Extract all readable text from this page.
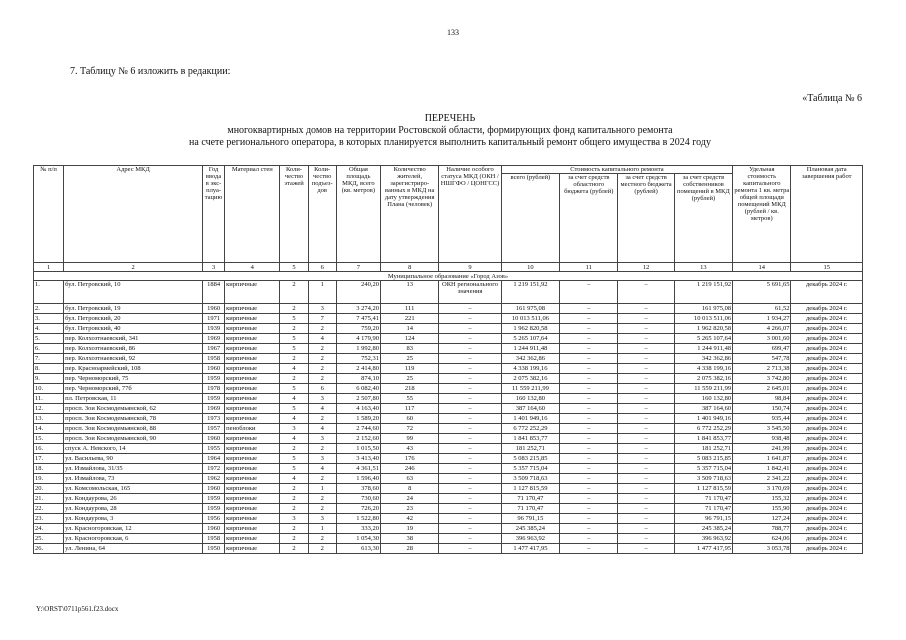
133
7. Таблицу № 6 изложить в редакции:
«Таблица № 6
ПЕРЕЧЕНЬ
многоквартирных домов на территории Ростовской области, формирующих фонд капитального ремонта
на счете регионального оператора, в которых планируется выполнить капитальный ремонт общего имущества в 2024 году
№ п/п	Адрес МКД	Год ввода в экс-плуа-тацию	Материал стен	Коли-чество этажей	Коли-чество подъез-дов	Общая площадь МКД, всего (кв. метров)	Количество жителей, зарегистриро-ванных в МКД на дату утверждения Плана (человек)	Наличие особого статуса МКД (ОКН / НШГФО / ЦОНГСС)	Стоимость капитального ремонта				Удельная стоимость капитального ремонта 1 кв. метра общей площади помещений МКД (рублей / кв. метров)	Плановая дата завершения работ
									всего (рублей)	за счет средств областного бюджета (рублей)	за счет средств местного бюджета (рублей)	за счет средств собственников помещений в МКД (рублей)		
1	2	3	4	5	6	7	8	9	10	11	12	13	14	15
Муниципальное образование «Город Азов»														
1.	бул. Петровский, 10	1884	кирпичные	2	1	240,20	13	ОКН регионального значения	1 219 151,92	–	–	1 219 151,92	5 691,65	декабрь 2024 г.
2.	бул. Петровский, 19	1960	кирпичные	2	3	3 274,20	111	–	161 975,08	–	–	161 975,08	61,52	декабрь 2024 г.
3.	бул. Петровский, 20	1971	кирпичные	5	7	7 475,41	221	–	10 013 511,06	–	–	10 013 511,06	1 934,27	декабрь 2024 г.
4.	бул. Петровский, 40	1939	кирпичные	2	2	759,20	14	–	1 962 820,58	–	–	1 962 820,58	4 266,07	декабрь 2024 г.
5.	пер. Колхозтнаевский, 341	1969	кирпичные	5	4	4 179,90	124	–	5 265 107,64	–	–	5 265 107,64	3 001,60	декабрь 2024 г.
6.	пер. Колхозтнаевский, 86	1967	кирпичные	5	2	1 992,80	83	–	1 244 911,48	–	–	1 244 911,48	699,47	декабрь 2024 г.
7.	пер. Колхозтнаевский, 92	1958	кирпичные	2	2	752,31	25	–	342 362,86	–	–	342 362,86	547,78	декабрь 2024 г.
8.	пер. Красноармейский, 108	1960	кирпичные	4	2	2 414,80	119	–	4 338 199,16	–	–	4 338 199,16	2 713,38	декабрь 2024 г.
9.	пер. Черноморский, 75	1959	кирпичные	2	2	874,10	25	–	2 075 382,16	–	–	2 075 382,16	3 742,80	декабрь 2024 г.
10.	пер. Черноморский, 77б	1978	кирпичные	5	6	6 082,40	218	–	11 559 211,99	–	–	11 559 211,99	2 645,01	декабрь 2024 г.
11.	пл. Петровская, 11	1959	кирпичные	4	3	2 507,80	55	–	160 132,80	–	–	160 132,80	98,84	декабрь 2024 г.
12.	просп. Зои Космодемьянской, 62	1969	кирпичные	5	4	4 163,40	117	–	387 164,60	–	–	387 164,60	150,74	декабрь 2024 г.
13.	просп. Зои Космодемьянской, 78	1973	кирпичные	4	2	1 589,20	60	–	1 401 949,16	–	–	1 401 949,16	935,44	декабрь 2024 г.
14.	просп. Зои Космодемьянской, 88	1957	пеноблоки	3	4	2 744,60	72	–	6 772 252,29	–	–	6 772 252,29	3 545,50	декабрь 2024 г.
15.	просп. Зои Космодемьянской, 90	1960	кирпичные	4	3	2 152,60	99	–	1 841 853,77	–	–	1 841 853,77	938,48	декабрь 2024 г.
16.	спуск А. Невского, 14	1955	кирпичные	2	2	1 015,50	43	–	181 252,71	–	–	181 252,71	241,99	декабрь 2024 г.
17.	ул. Васильева, 90	1964	кирпичные	5	3	3 413,40	176	–	5 083 215,85	–	–	5 083 215,85	1 641,87	декабрь 2024 г.
18.	ул. Измайлова, 31/35	1972	кирпичные	5	4	4 361,51	246	–	5 357 715,04	–	–	5 357 715,04	1 842,41	декабрь 2024 г.
19.	ул. Измайлова, 73	1962	кирпичные	4	2	1 596,40	63	–	3 509 718,63	–	–	3 509 718,63	2 341,22	декабрь 2024 г.
20.	ул. Комсомольская, 165	1960	кирпичные	2	1	378,60	8	–	1 127 815,59	–	–	1 127 815,59	3 170,69	декабрь 2024 г.
21.	ул. Кондаурова, 26	1959	кирпичные	2	2	730,60	24	–	71 170,47	–	–	71 170,47	155,32	декабрь 2024 г.
22.	ул. Кондаурова, 28	1959	кирпичные	2	2	726,20	23	–	71 170,47	–	–	71 170,47	155,90	декабрь 2024 г.
23.	ул. Кондаурова, 3	1956	кирпичные	3	3	1 522,80	42	–	96 791,15	–	–	96 791,15	127,24	декабрь 2024 г.
24.	ул. Красногоровская, 12	1960	кирпичные	2	1	333,20	19	–	245 385,24	–	–	245 385,24	788,77	декабрь 2024 г.
25.	ул. Красногоровская, 6	1958	кирпичные	2	2	1 054,30	38	–	396 963,92	–	–	396 963,92	624,06	декабрь 2024 г.
26.	ул. Ленина, 64	1950	кирпичные	2	2	613,30	28	–	1 477 417,95	–	–	1 477 417,95	3 053,78	декабрь 2024 г.
Y:\ORST\0711p561.f23.docx
